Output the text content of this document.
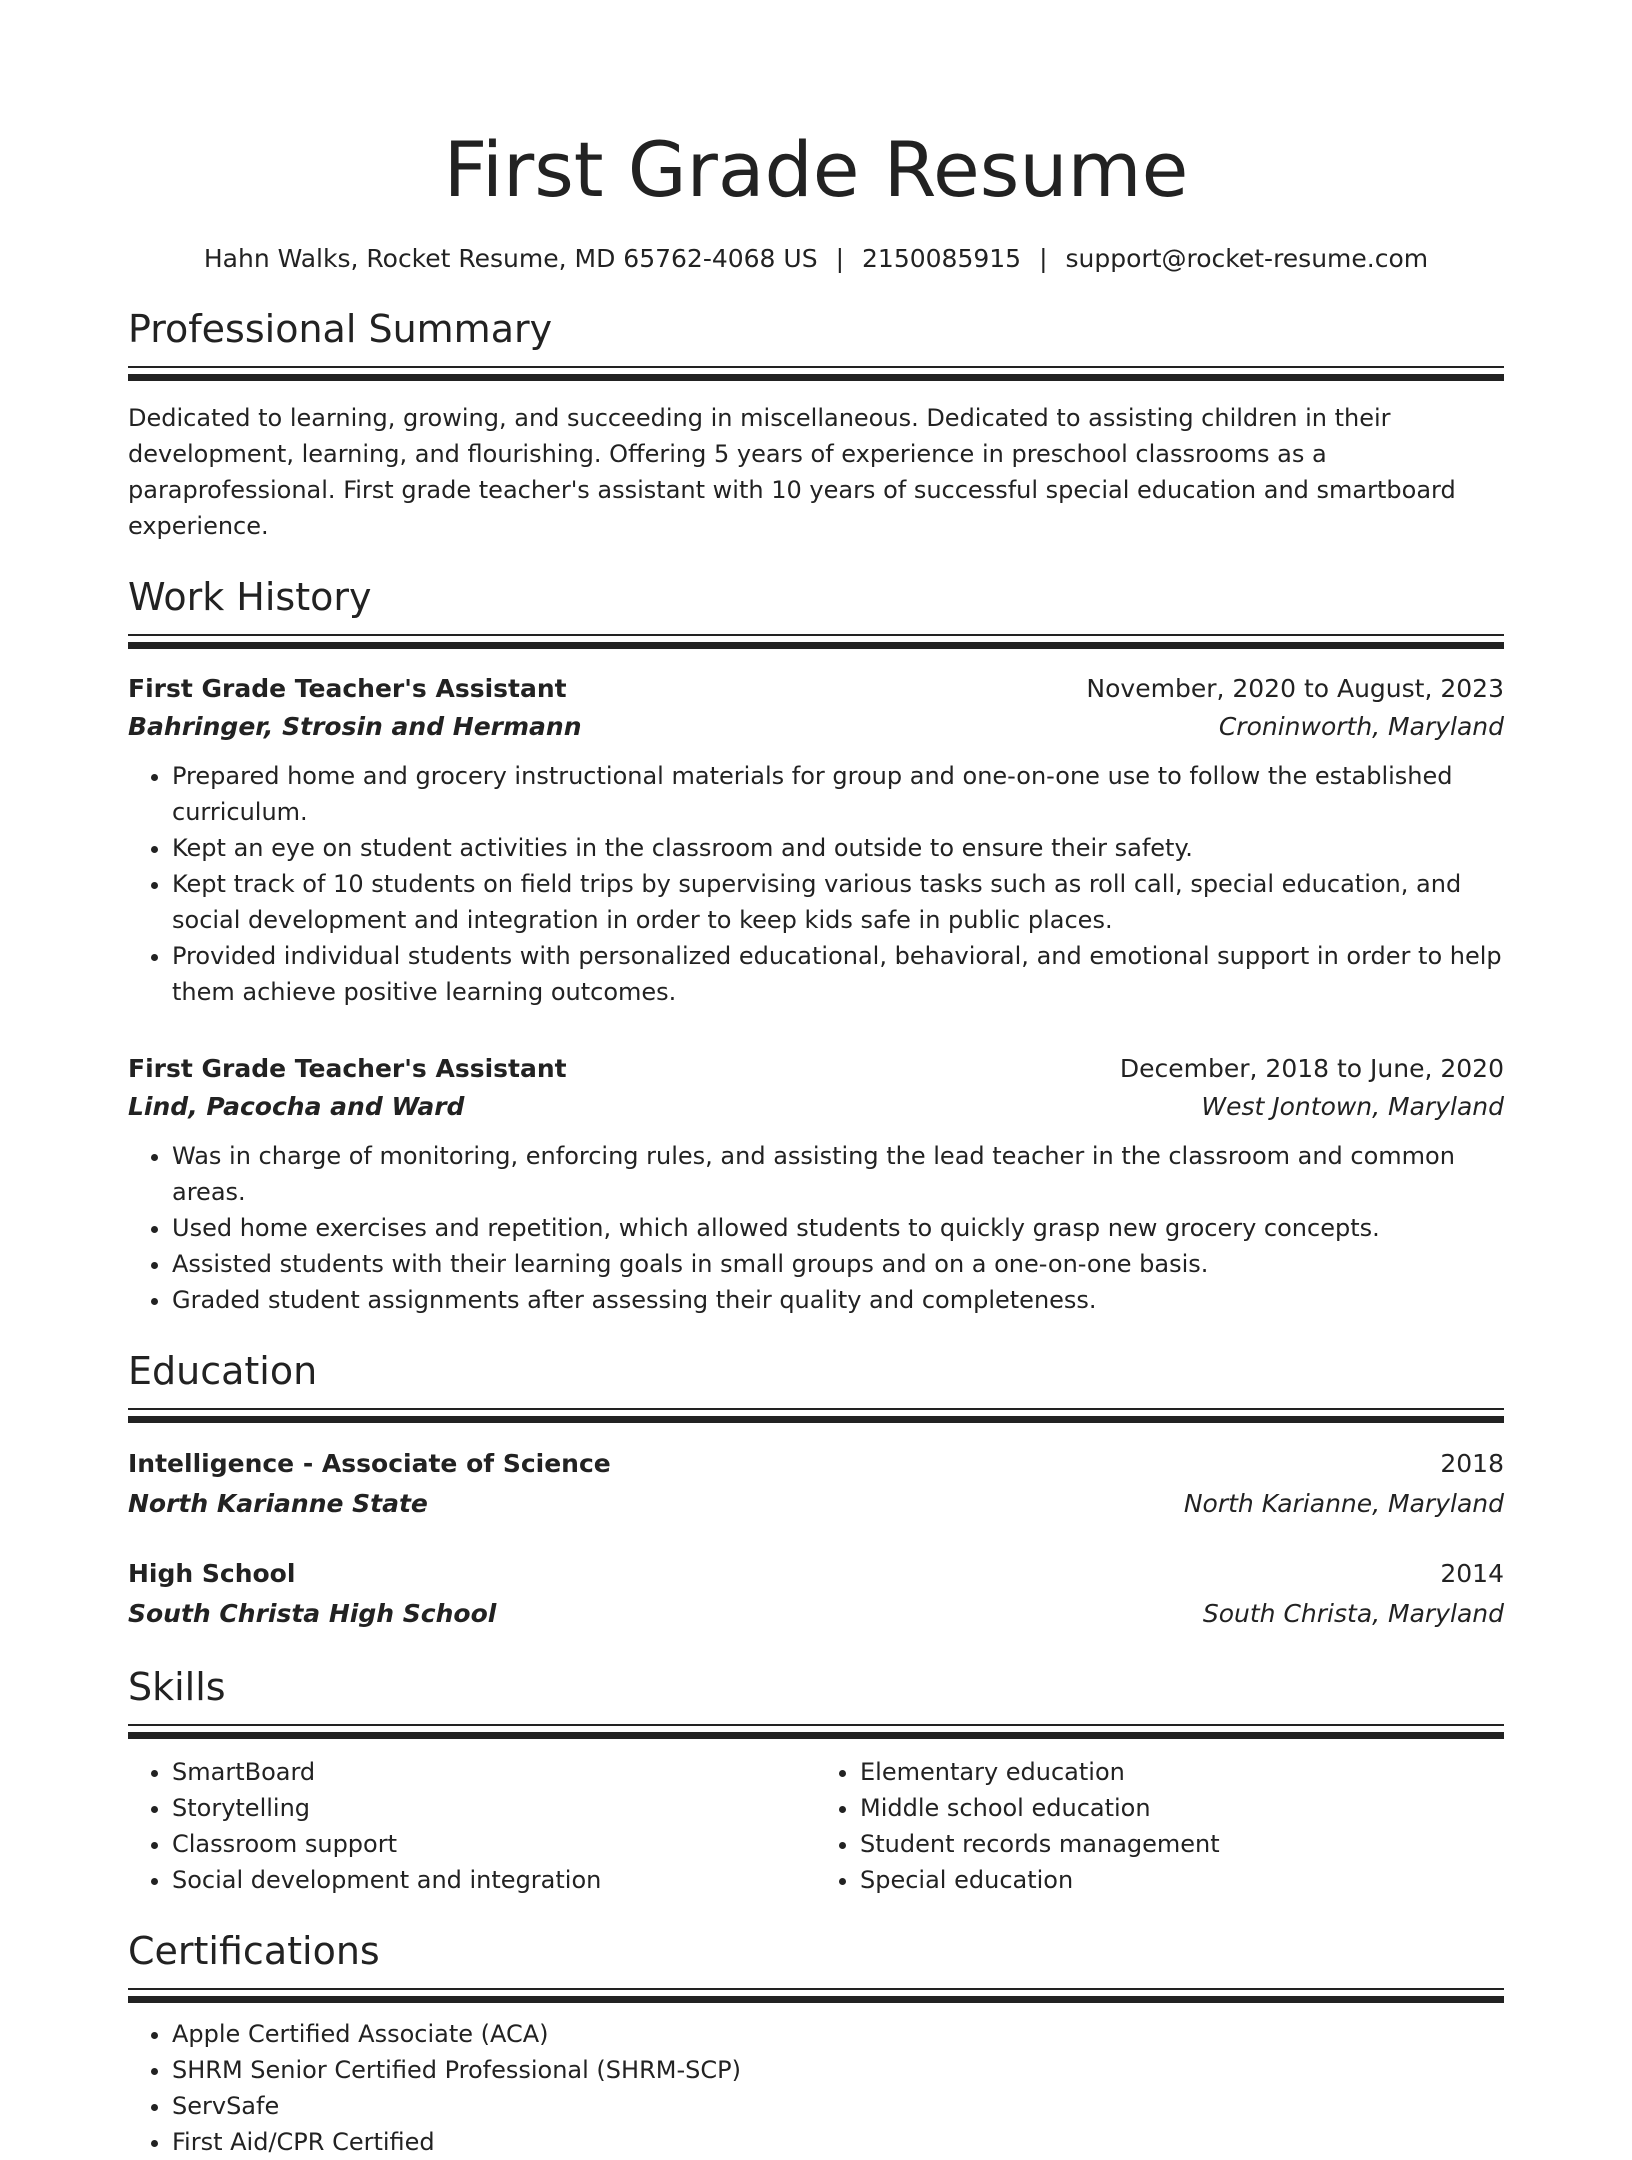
First Grade Resume
Hahn Walks, Rocket Resume, MD 65762-4068 US | 2150085915 | support@rocket-resume.com
Professional Summary
Dedicated to learning, growing, and succeeding in miscellaneous. Dedicated to assisting children in their development, learning, and flourishing. Offering 5 years of experience in preschool classrooms as a paraprofessional. First grade teacher's assistant with 10 years of successful special education and smartboard experience.
Work History
First Grade Teacher's Assistant	November, 2020 to August, 2023
Bahringer, Strosin and Hermann	Croninworth, Maryland
• Prepared home and grocery instructional materials for group and one-on-one use to follow the established curriculum.
• Kept an eye on student activities in the classroom and outside to ensure their safety.
• Kept track of 10 students on field trips by supervising various tasks such as roll call, special education, and social development and integration in order to keep kids safe in public places.
• Provided individual students with personalized educational, behavioral, and emotional support in order to help them achieve positive learning outcomes.
First Grade Teacher's Assistant	December, 2018 to June, 2020
Lind, Pacocha and Ward	West Jontown, Maryland
• Was in charge of monitoring, enforcing rules, and assisting the lead teacher in the classroom and common areas.
• Used home exercises and repetition, which allowed students to quickly grasp new grocery concepts.
• Assisted students with their learning goals in small groups and on a one-on-one basis.
• Graded student assignments after assessing their quality and completeness.
Education
Intelligence - Associate of Science	2018
North Karianne State	North Karianne, Maryland
High School	2014
South Christa High School	South Christa, Maryland
Skills
• SmartBoard
• Storytelling
• Classroom support
• Social development and integration
• Elementary education
• Middle school education
• Student records management
• Special education
Certifications
• Apple Certified Associate (ACA)
• SHRM Senior Certified Professional (SHRM-SCP)
• ServSafe
• First Aid/CPR Certified
